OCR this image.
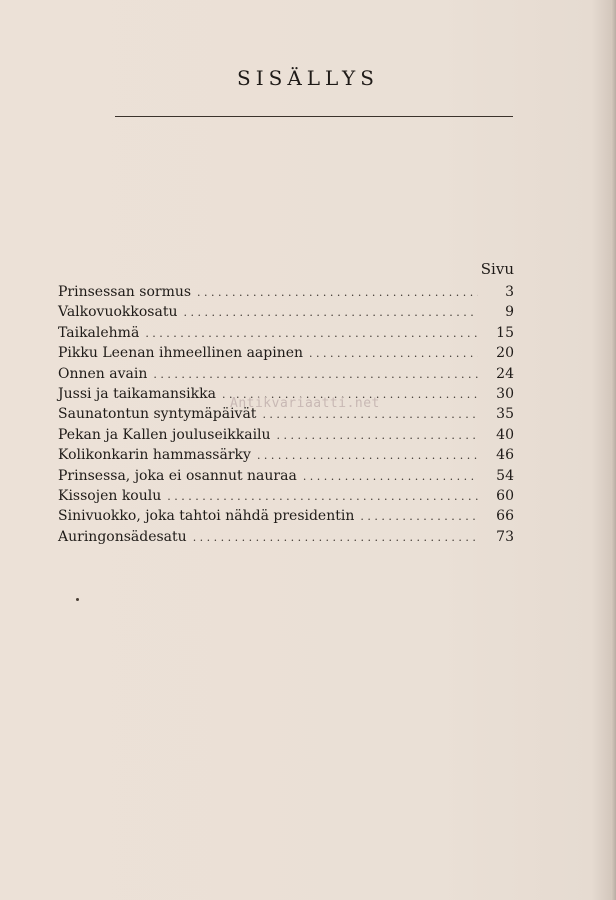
SISÄLLYS
Sivu
Prinsessan sormus . . .	3
Valkovuokkosatu . . .	9
Taikalehmä . . .	15
Pikku Leenan ihmeellinen aapinen . . .	20
Onnen avain . . .	24
Jussi ja taikamansikka . . .	30
Saunatontun syntymäpäivät . . .	35
Pekan ja Kallen jouluseikkailu . . .	40
Kolikonkarin hammassärky . . .	46
Prinsessa, joka ei osannut nauraa . . .	54
Kissojen koulu . . .	60
Sinivuokko, joka tahtoi nähdä presidentin . . .	66
Auringonsädesatu . . .	73
Antikvariaatti.net
